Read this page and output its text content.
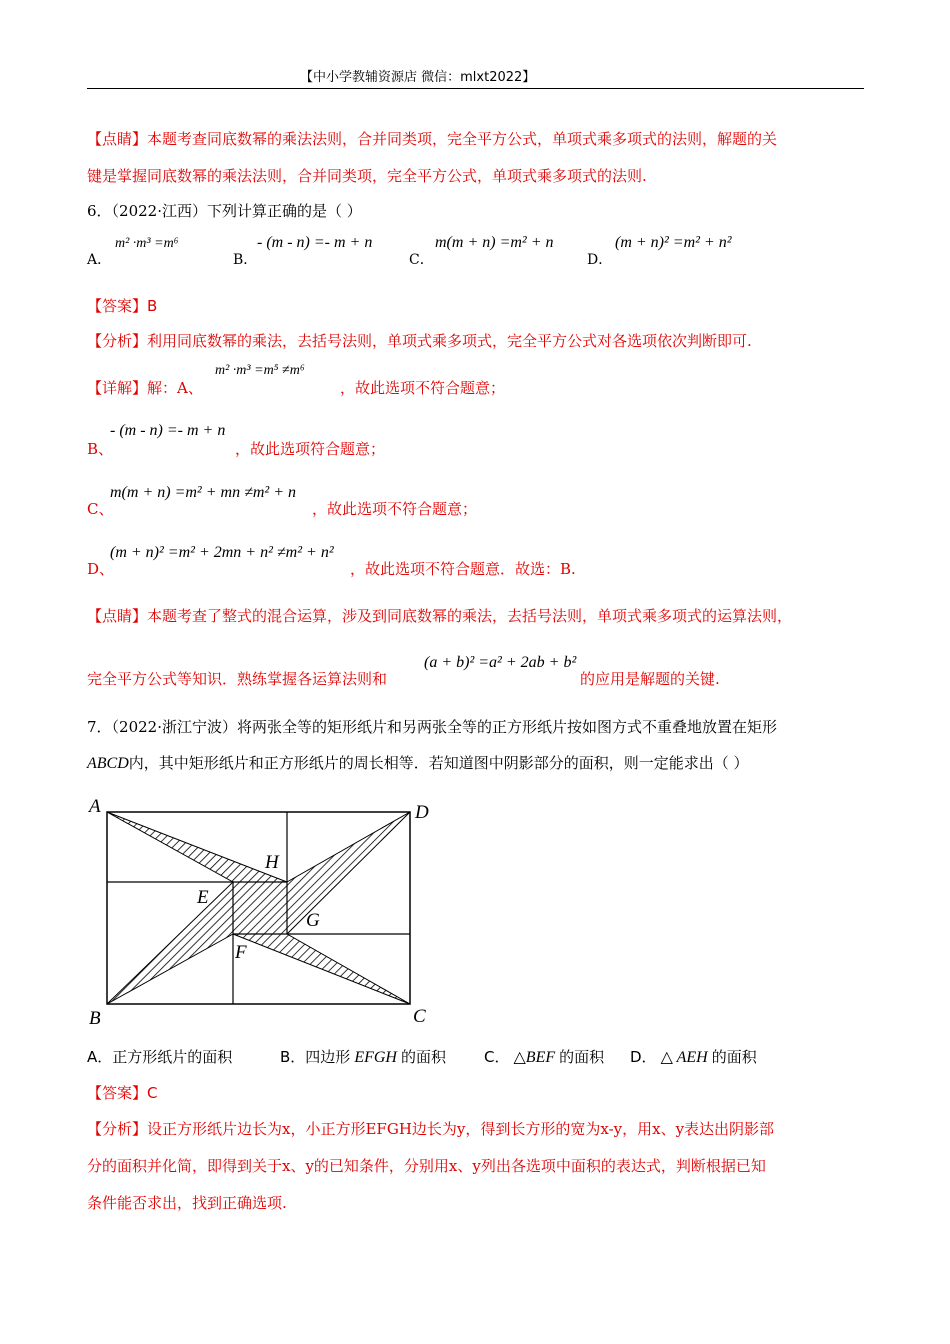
【中小学教辅资源店 微信：mlxt2022】
【点睛】本题考查同底数幂的乘法法则，合并同类项，完全平方公式，单项式乘多项式的法则，解题的关
键是掌握同底数幂的乘法法则，合并同类项，完全平方公式，单项式乘多项式的法则.
6．（2022·江西）下列计算正确的是（ ）
A．
m² ·m³ =m⁶
B．
- (m - n) =- m + n
C．
m(m + n) =m² + n
D．
(m + n)² =m² + n²
【答案】B
【分析】利用同底数幂的乘法，去括号法则，单项式乘多项式，完全平方公式对各选项依次判断即可.
【详解】解：A、
m² ·m³ =m⁵ ≠m⁶
，故此选项不符合题意；
- (m - n) =- m + n
B、	，故此选项符合题意；
m(m + n) =m² + mn ≠m² + n
C、	，故此选项不符合题意；
(m + n)² =m² + 2mn + n² ≠m² + n²
D、	，故此选项不符合题意．故选：B.
【点睛】本题考查了整式的混合运算，涉及到同底数幂的乘法，去括号法则，单项式乘多项式的运算法则，
完全平方公式等知识．熟练掌握各运算法则和
(a + b)² =a² + 2ab + b²
的应用是解题的关键.
7．（2022·浙江宁波）将两张全等的矩形纸片和另两张全等的正方形纸片按如图方式不重叠地放置在矩形
ABCD内，其中矩形纸片和正方形纸片的周长相等．若知道图中阴影部分的面积，则一定能求出（ ）
A	D
H
E
G
F
B	C
A．正方形纸片的面积	B．四边形 EFGH 的面积	C． △BEF 的面积 D． △ AEH 的面积
【答案】C
【分析】设正方形纸片边长为x，小正方形EFGH边长为y，得到长方形的宽为x-y，用x、y表达出阴影部
分的面积并化简，即得到关于x、y的已知条件，分别用x、y列出各选项中面积的表达式，判断根据已知
条件能否求出，找到正确选项.
